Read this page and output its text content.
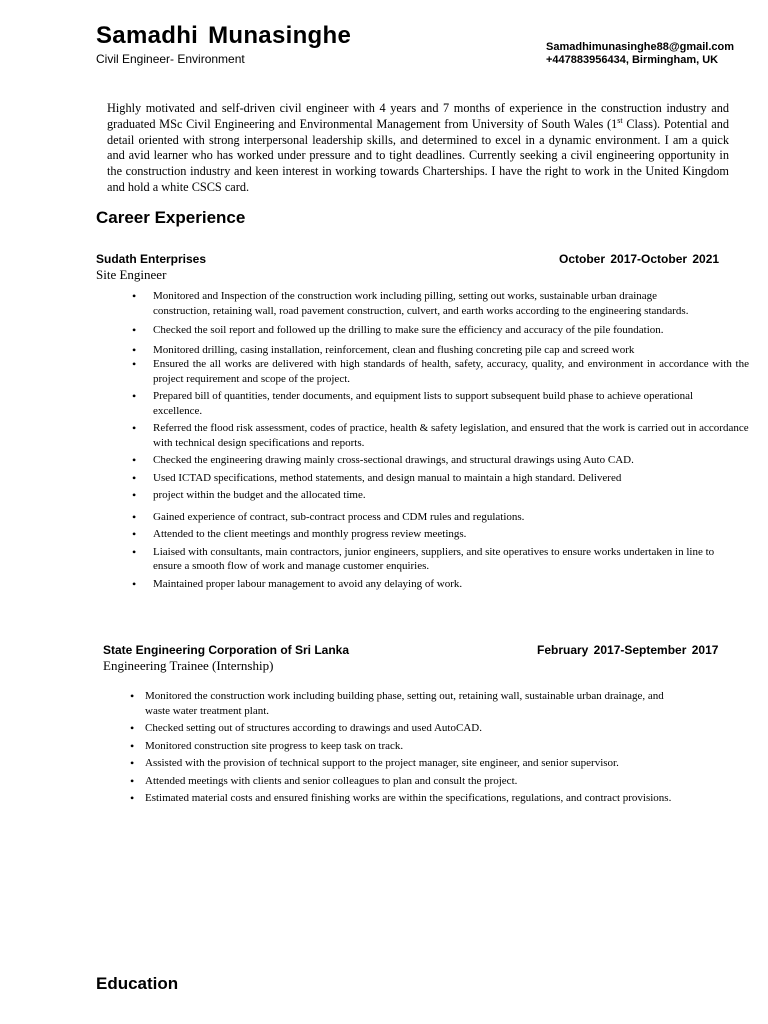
Samadhi Munasinghe
Civil Engineer- Environment
Samadhimunasinghe88@gmail.com
+447883956434, Birmingham, UK
Highly motivated and self-driven civil engineer with 4 years and 7 months of experience in the construction industry and graduated MSc Civil Engineering and Environmental Management from University of South Wales (1st Class). Potential and detail oriented with strong interpersonal leadership skills, and determined to excel in a dynamic environment. I am a quick and avid learner who has worked under pressure and to tight deadlines. Currently seeking a civil engineering opportunity in the construction industry and keen interest in working towards Charterships. I have the right to work in the United Kingdom and hold a white CSCS card.
Career Experience
Sudath Enterprises	October 2017-October 2021
Site Engineer
• Monitored and Inspection of the construction work including pilling, setting out works, sustainable urban drainage construction, retaining wall, road pavement construction, culvert, and earth works according to the engineering standards.
• Checked the soil report and followed up the drilling to make sure the efficiency and accuracy of the pile foundation.
• Monitored drilling, casing installation, reinforcement, clean and flushing concreting pile cap and screed work
• Ensured the all works are delivered with high standards of health, safety, accuracy, quality, and environment in accordance with the project requirement and scope of the project.
• Prepared bill of quantities, tender documents, and equipment lists to support subsequent build phase to achieve operational excellence.
• Referred the flood risk assessment, codes of practice, health & safety legislation, and ensured that the work is carried out in accordance with technical design specifications and reports.
• Checked the engineering drawing mainly cross-sectional drawings, and structural drawings using Auto CAD.
• Used ICTAD specifications, method statements, and design manual to maintain a high standard. Delivered
• project within the budget and the allocated time.
• Gained experience of contract, sub-contract process and CDM rules and regulations.
• Attended to the client meetings and monthly progress review meetings.
• Liaised with consultants, main contractors, junior engineers, suppliers, and site operatives to ensure works undertaken in line to ensure a smooth flow of work and manage customer enquiries.
• Maintained proper labour management to avoid any delaying of work.
State Engineering Corporation of Sri Lanka	February 2017-September 2017
Engineering Trainee (Internship)
• Monitored the construction work including building phase, setting out, retaining wall, sustainable urban drainage, and waste water treatment plant.
• Checked setting out of structures according to drawings and used AutoCAD.
• Monitored construction site progress to keep task on track.
• Assisted with the provision of technical support to the project manager, site engineer, and senior supervisor.
• Attended meetings with clients and senior colleagues to plan and consult the project.
• Estimated material costs and ensured finishing works are within the specifications, regulations, and contract provisions.
Education
